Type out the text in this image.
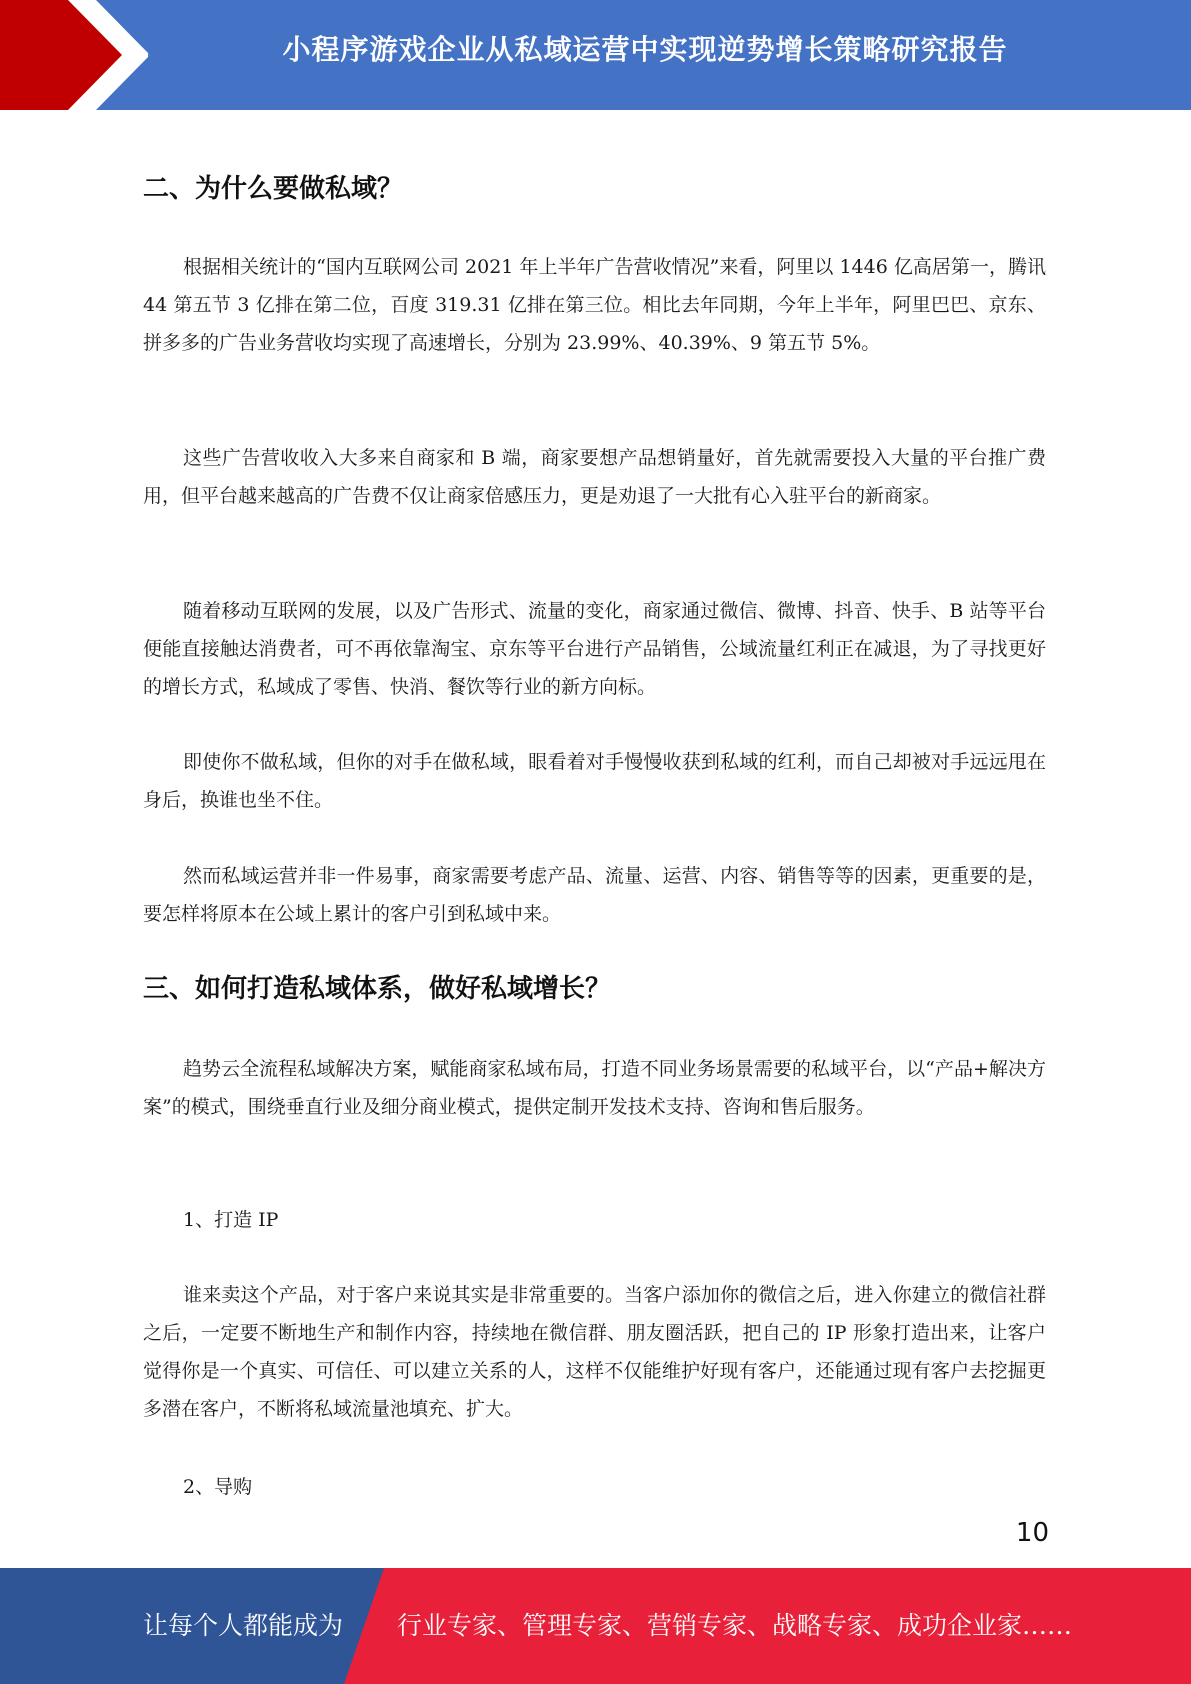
小程序游戏企业从私域运营中实现逆势增长策略研究报告
二、为什么要做私域？

根据相关统计的“国内互联网公司 2021 年上半年广告营收情况”来看，阿里以 1446 亿高居第一，腾讯 44 第五节 3 亿排在第二位，百度 319.31 亿排在第三位。相比去年同期，今年上半年，阿里巴巴、京东、拼多多的广告业务营收均实现了高速增长，分别为 23.99%、40.39%、9 第五节 5%。

这些广告营收收入大多来自商家和 B 端，商家要想产品想销量好，首先就需要投入大量的平台推广费用，但平台越来越高的广告费不仅让商家倍感压力，更是劝退了一大批有心入驻平台的新商家。

随着移动互联网的发展，以及广告形式、流量的变化，商家通过微信、微博、抖音、快手、B 站等平台便能直接触达消费者，可不再依靠淘宝、京东等平台进行产品销售，公域流量红利正在减退，为了寻找更好的增长方式，私域成了零售、快消、餐饮等行业的新方向标。

即使你不做私域，但你的对手在做私域，眼看着对手慢慢收获到私域的红利，而自己却被对手远远甩在身后，换谁也坐不住。

然而私域运营并非一件易事，商家需要考虑产品、流量、运营、内容、销售等等的因素，更重要的是，要怎样将原本在公域上累计的客户引到私域中来。

三、如何打造私域体系，做好私域增长？

趋势云全流程私域解决方案，赋能商家私域布局，打造不同业务场景需要的私域平台，以“产品+解决方案”的模式，围绕垂直行业及细分商业模式，提供定制开发技术支持、咨询和售后服务。

1、打造 IP

谁来卖这个产品，对于客户来说其实是非常重要的。当客户添加你的微信之后，进入你建立的微信社群之后，一定要不断地生产和制作内容，持续地在微信群、朋友圈活跃，把自己的 IP 形象打造出来，让客户觉得你是一个真实、可信任、可以建立关系的人，这样不仅能维护好现有客户，还能通过现有客户去挖掘更多潜在客户，不断将私域流量池填充、扩大。

2、导购

10
让每个人都能成为 行业专家、管理专家、营销专家、战略专家、成功企业家……
